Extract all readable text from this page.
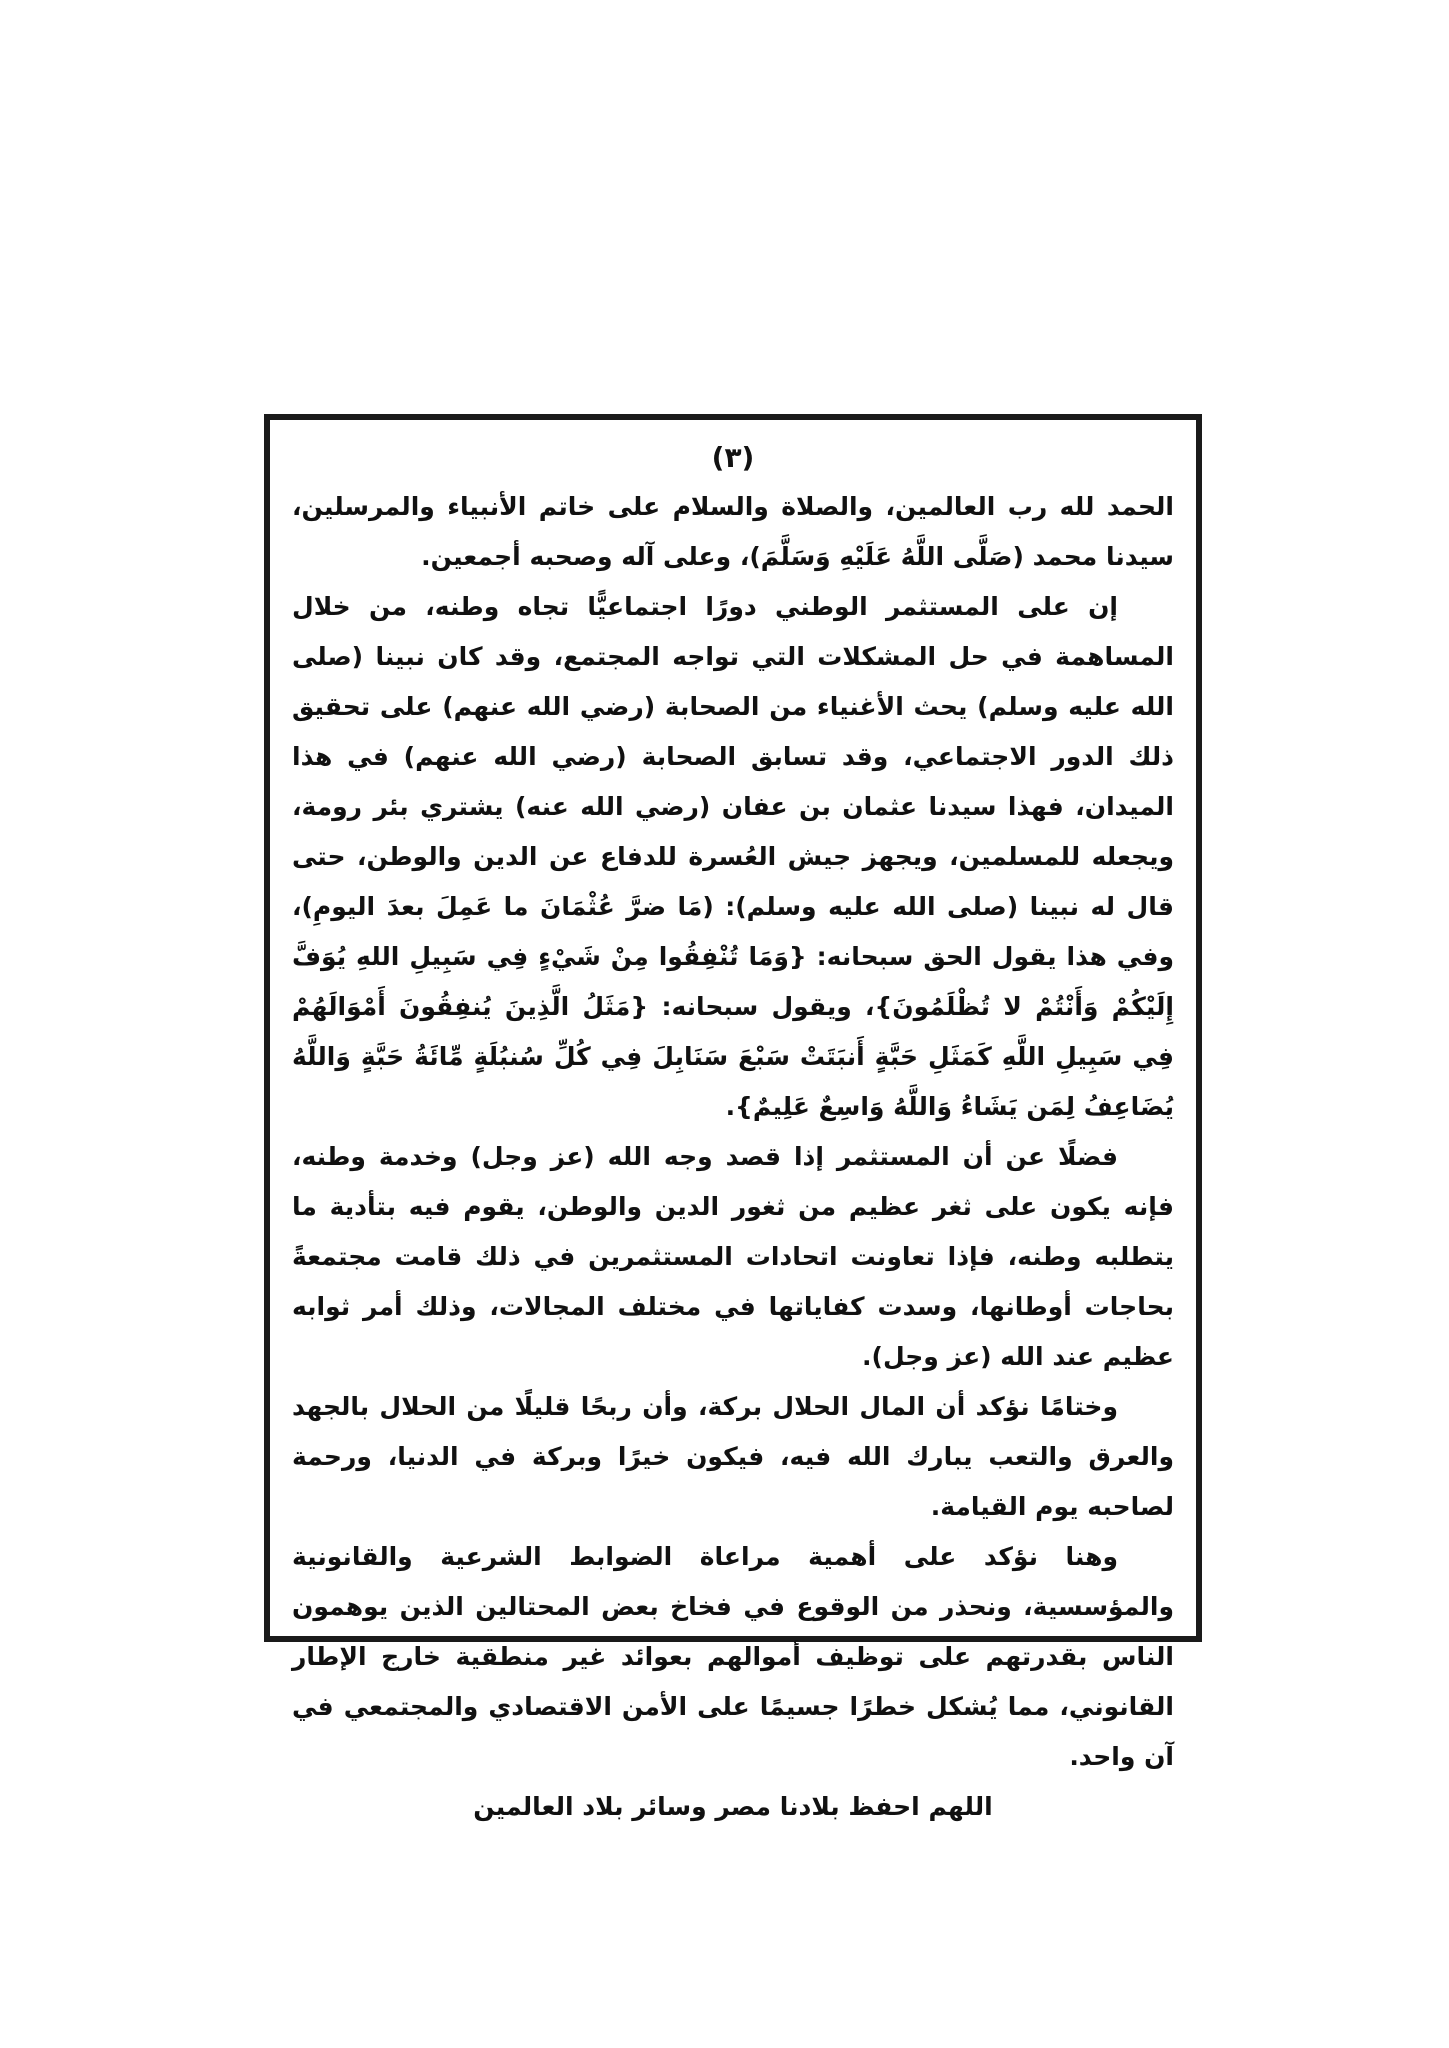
(٣)

الحمد لله رب العالمين، والصلاة والسلام على خاتم الأنبياء والمرسلين، سيدنا محمد (صَلَّى اللَّهُ عَلَيْهِ وَسَلَّمَ)، وعلى آله وصحبه أجمعين.

إن على المستثمر الوطني دورًا اجتماعيًّا تجاه وطنه، من خلال المساهمة في حل المشكلات التي تواجه المجتمع، وقد كان نبينا (صلى الله عليه وسلم) يحث الأغنياء من الصحابة (رضي الله عنهم) على تحقيق ذلك الدور الاجتماعي، وقد تسابق الصحابة (رضي الله عنهم) في هذا الميدان، فهذا سيدنا عثمان بن عفان (رضي الله عنه) يشتري بئر رومة، ويجعله للمسلمين، ويجهز جيش العُسرة للدفاع عن الدين والوطن، حتى قال له نبينا (صلى الله عليه وسلم): (مَا ضرَّ عُثْمَانَ ما عَمِلَ بعدَ اليومِ)، وفي هذا يقول الحق سبحانه: {وَمَا تُنْفِقُوا مِنْ شَيْءٍ فِي سَبِيلِ اللهِ يُوَفَّ إِلَيْكُمْ وَأَنْتُمْ لا تُظْلَمُونَ}، ويقول سبحانه: {مَثَلُ الَّذِينَ يُنفِقُونَ أَمْوَالَهُمْ فِي سَبِيلِ اللَّهِ كَمَثَلِ حَبَّةٍ أَنبَتَتْ سَبْعَ سَنَابِلَ فِي كُلِّ سُنبُلَةٍ مِّائَةُ حَبَّةٍ وَاللَّهُ يُضَاعِفُ لِمَن يَشَاءُ وَاللَّهُ وَاسِعٌ عَلِيمٌ}.

فضلًا عن أن المستثمر إذا قصد وجه الله (عز وجل) وخدمة وطنه، فإنه يكون على ثغر عظيم من ثغور الدين والوطن، يقوم فيه بتأدية ما يتطلبه وطنه، فإذا تعاونت اتحادات المستثمرين في ذلك قامت مجتمعةً بحاجات أوطانها، وسدت كفاياتها في مختلف المجالات، وذلك أمر ثوابه عظيم عند الله (عز وجل).

وختامًا نؤكد أن المال الحلال بركة، وأن ربحًا قليلًا من الحلال بالجهد والعرق والتعب يبارك الله فيه، فيكون خيرًا وبركة في الدنيا، ورحمة لصاحبه يوم القيامة.

وهنا نؤكد على أهمية مراعاة الضوابط الشرعية والقانونية والمؤسسية، ونحذر من الوقوع في فخاخ بعض المحتالين الذين يوهمون الناس بقدرتهم على توظيف أموالهم بعوائد غير منطقية خارج الإطار القانوني، مما يُشكل خطرًا جسيمًا على الأمن الاقتصادي والمجتمعي في آن واحد.

اللهم احفظ بلادنا مصر وسائر بلاد العالمين
